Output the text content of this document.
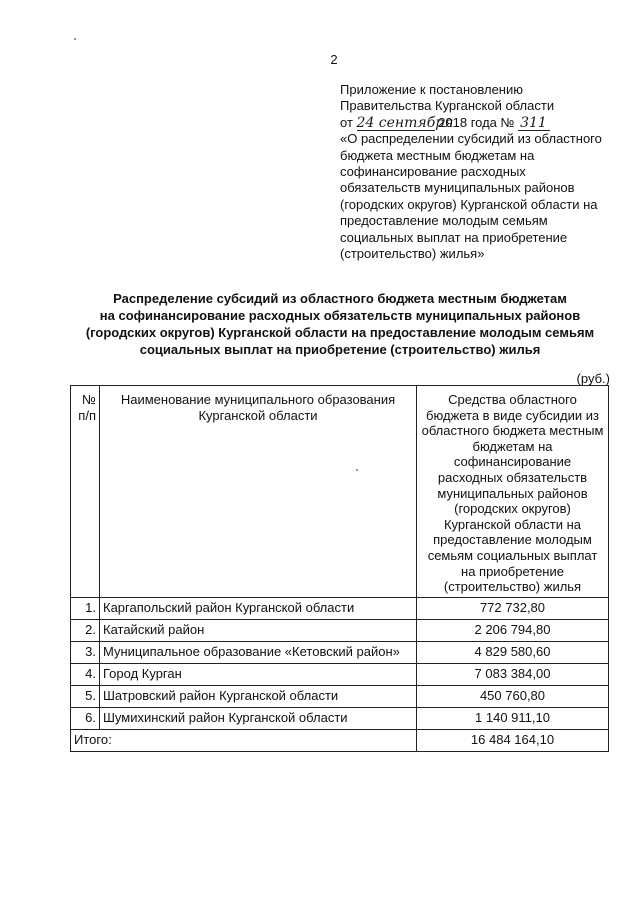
2
Приложение к постановлению
Правительства Курганской области
от 24 сентября 2018 года № 311
«О распределении субсидий из областного
бюджета местным бюджетам на
софинансирование расходных
обязательств муниципальных районов
(городских округов) Курганской области на
предоставление молодым семьям
социальных выплат на приобретение
(строительство) жилья»
Распределение субсидий из областного бюджета местным бюджетам
на софинансирование расходных обязательств муниципальных районов
(городских округов) Курганской области на предоставление молодым семьям
социальных выплат на приобретение (строительство) жилья
(руб.)
№ п/п	Наименование муниципального образования Курганской области	Средства областного бюджета в виде субсидии из областного бюджета местным бюджетам на софинансирование расходных обязательств муниципальных районов (городских округов) Курганской области на предоставление молодым семьям социальных выплат на приобретение (строительство) жилья
1.	Каргапольский район Курганской области	772 732,80
2.	Катайский район	2 206 794,80
3.	Муниципальное образование «Кетовский район»	4 829 580,60
4.	Город Курган	7 083 384,00
5.	Шатровский район Курганской области	450 760,80
6.	Шумихинский район Курганской области	1 140 911,10
Итого:		16 484 164,10
